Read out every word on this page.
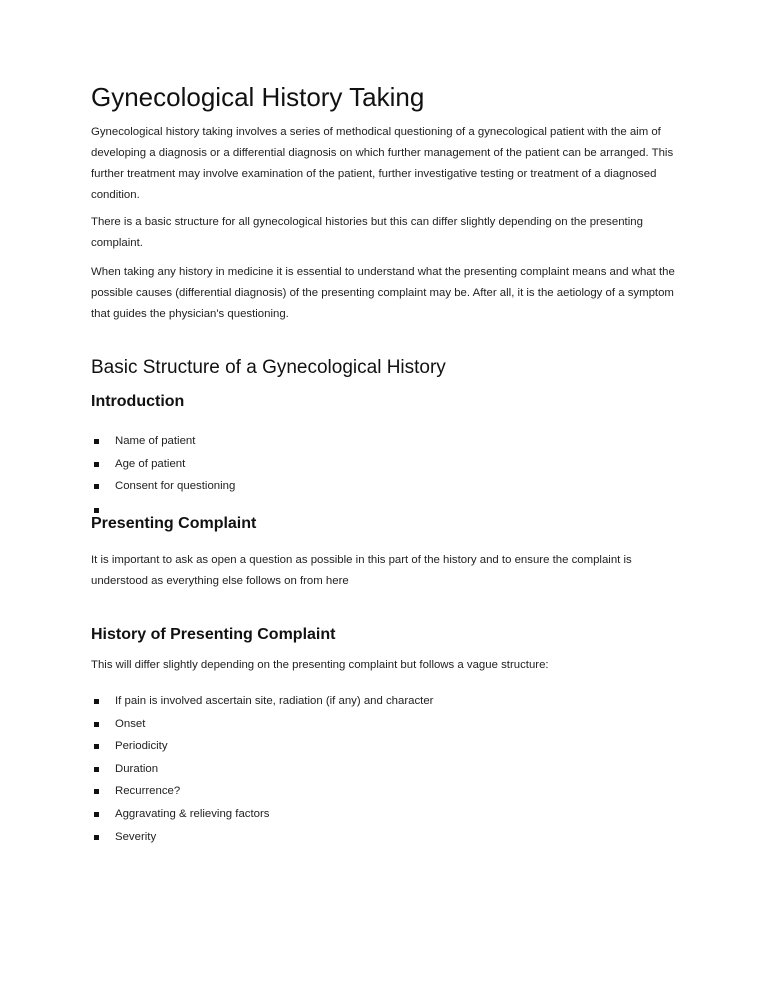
Gynecological History Taking

Gynecological history taking involves a series of methodical questioning of a gynecological patient with the aim of developing a diagnosis or a differential diagnosis on which further management of the patient can be arranged. This further treatment may involve examination of the patient, further investigative testing or treatment of a diagnosed condition.

There is a basic structure for all gynecological histories but this can differ slightly depending on the presenting complaint.

When taking any history in medicine it is essential to understand what the presenting complaint means and what the possible causes (differential diagnosis) of the presenting complaint may be. After all, it is the aetiology of a symptom that guides the physician's questioning.

Basic Structure of a Gynecological History
Introduction
Name of patient
Age of patient
Consent for questioning
Presenting Complaint

It is important to ask as open a question as possible in this part of the history and to ensure the complaint is understood as everything else follows on from here

History of Presenting Complaint

This will differ slightly depending on the presenting complaint but follows a vague structure:

If pain is involved ascertain site, radiation (if any) and character
Onset
Periodicity
Duration
Recurrence?
Aggravating & relieving factors
Severity
